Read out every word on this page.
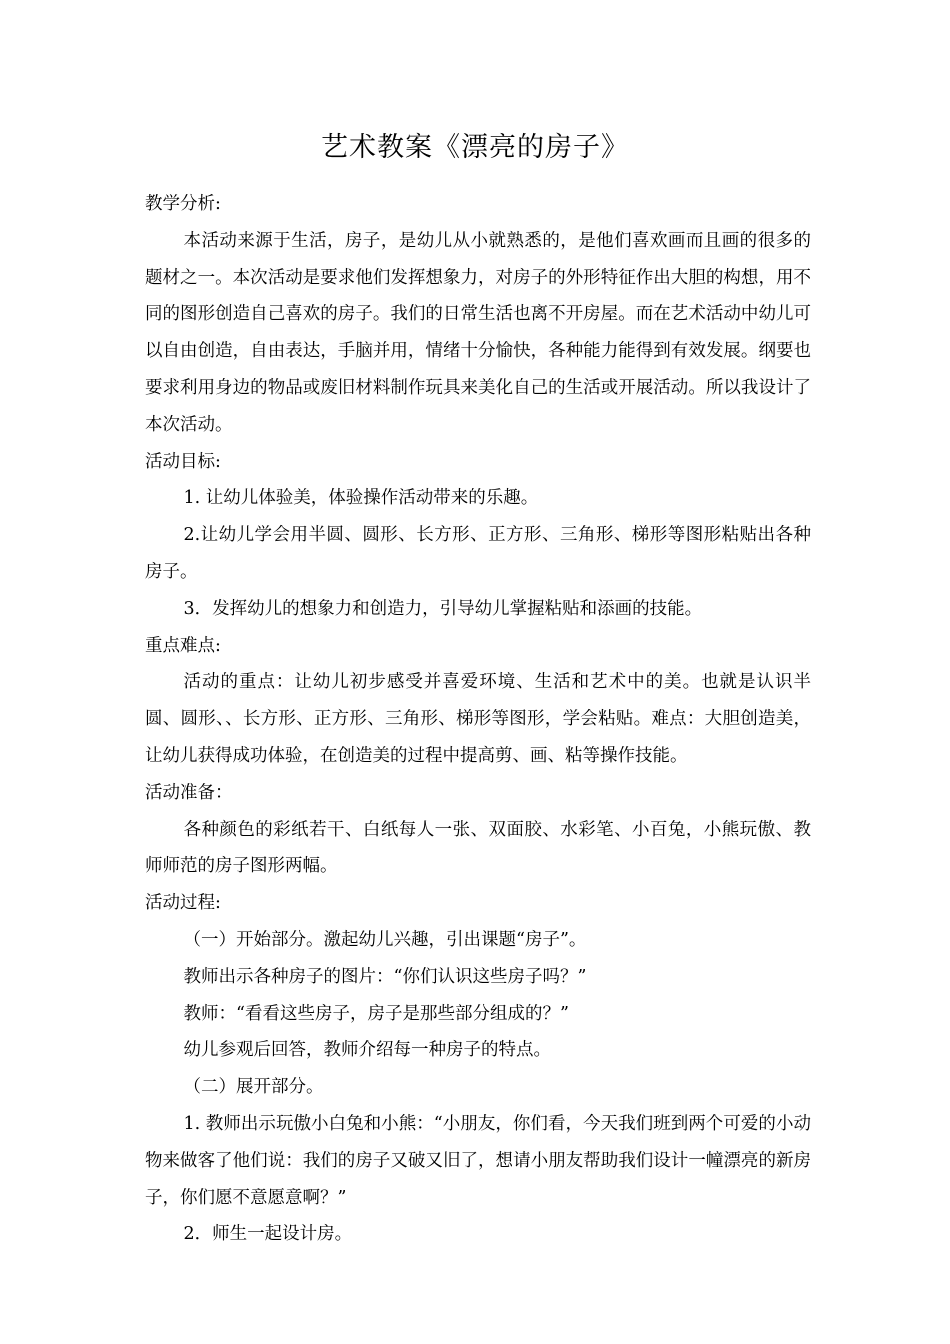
艺术教案《漂亮的房子》

教学分析:

本活动来源于生活，房子，是幼儿从小就熟悉的，是他们喜欢画而且画的很多的题材之一。本次活动是要求他们发挥想象力，对房子的外形特征作出大胆的构想，用不同的图形创造自己喜欢的房子。我们的日常生活也离不开房屋。而在艺术活动中幼儿可以自由创造，自由表达，手脑并用，情绪十分愉快，各种能力能得到有效发展。纲要也要求利用身边的物品或废旧材料制作玩具来美化自己的生活或开展活动。所以我设计了本次活动。

活动目标:

1. 让幼儿体验美，体验操作活动带来的乐趣。

2.让幼儿学会用半圆、圆形、长方形、正方形、三角形、梯形等图形粘贴出各种房子。

3．发挥幼儿的想象力和创造力，引导幼儿掌握粘贴和添画的技能。

重点难点:

活动的重点：让幼儿初步感受并喜爱环境、生活和艺术中的美。也就是认识半圆、圆形、、长方形、正方形、三角形、梯形等图形，学会粘贴。难点：大胆创造美，让幼儿获得成功体验，在创造美的过程中提高剪、画、粘等操作技能。

活动准备：

各种颜色的彩纸若干、白纸每人一张、双面胶、水彩笔、小百兔，小熊玩傲、教师师范的房子图形两幅。

活动过程:

（一）开始部分。激起幼儿兴趣，引出课题“房子”。

教师出示各种房子的图片：“你们认识这些房子吗？”

教师：“看看这些房子，房子是那些部分组成的？”

幼儿参观后回答，教师介绍每一种房子的特点。

（二）展开部分。

1. 教师出示玩傲小白兔和小熊：“小朋友，你们看，今天我们班到两个可爱的小动物来做客了他们说：我们的房子又破又旧了，想请小朋友帮助我们设计一幢漂亮的新房子，你们愿不意愿意啊？”

2．师生一起设计房。
